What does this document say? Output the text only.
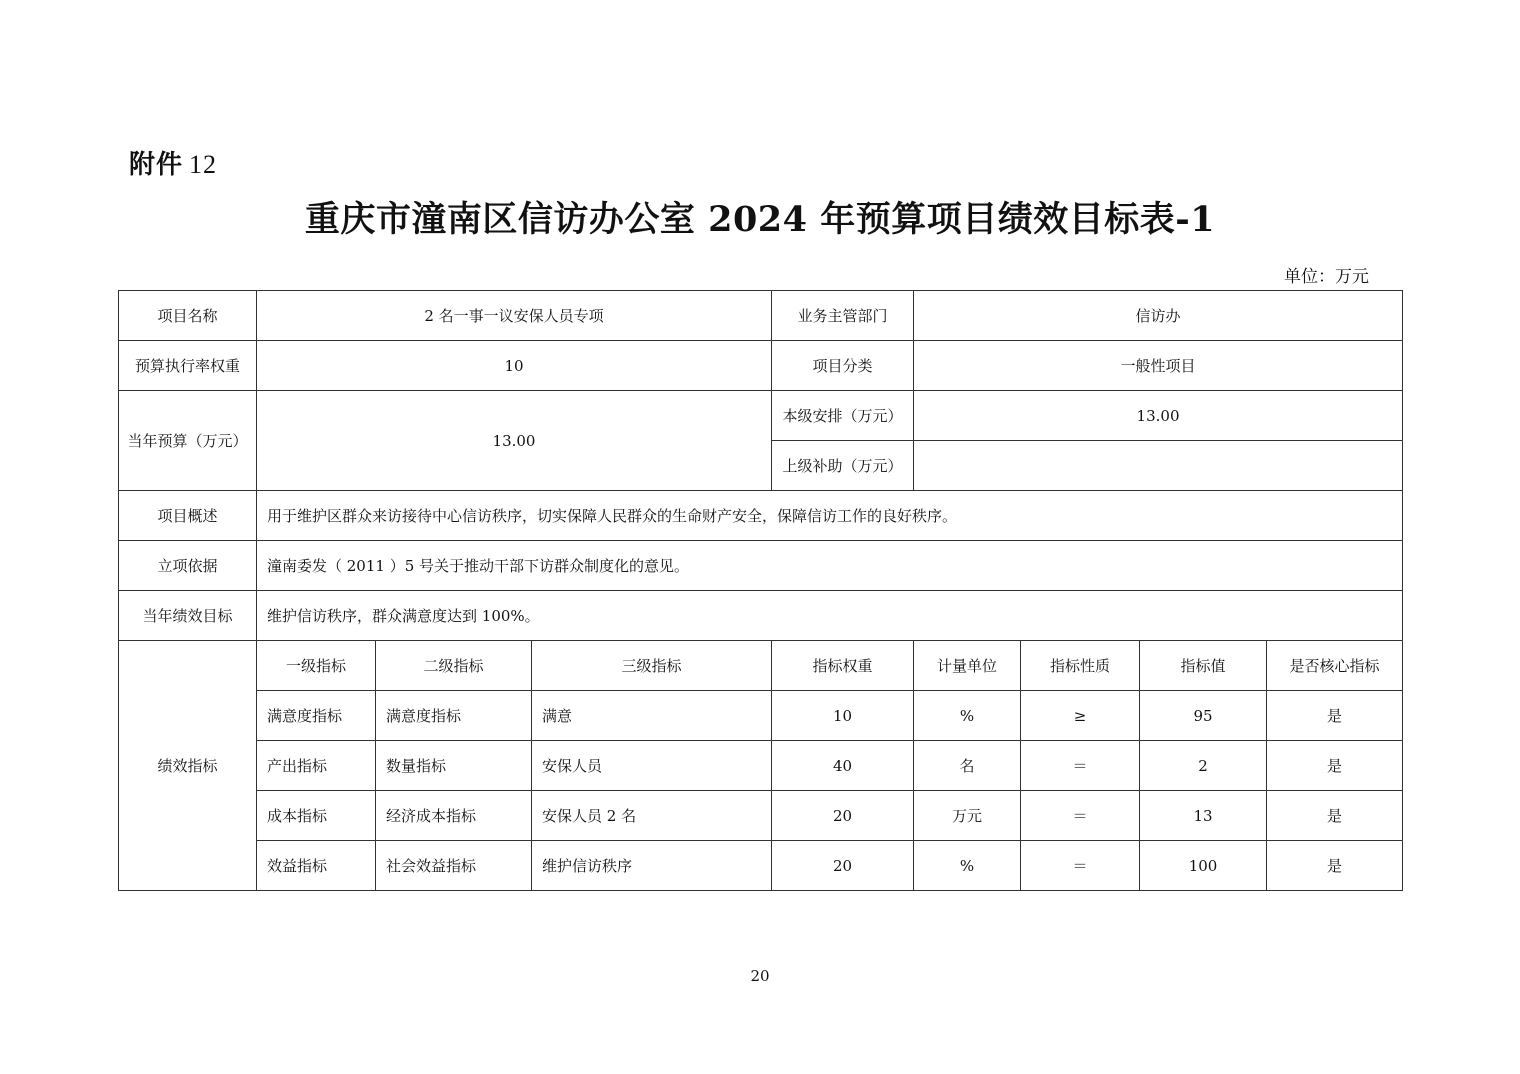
附件 12
重庆市潼南区信访办公室 2024 年预算项目绩效目标表-1
单位：万元
项目名称	2 名一事一议安保人员专项			业务主管部门	信访办			
预算执行率权重	10			项目分类	一般性项目			
当年预算（万元）	13.00			本级安排（万元）	13.00			
				上级补助（万元）				
项目概述	用于维护区群众来访接待中心信访秩序，切实保障人民群众的生命财产安全，保障信访工作的良好秩序。							
立项依据	潼南委发（ 2011 ）5 号关于推动干部下访群众制度化的意见。							
当年绩效目标	维护信访秩序，群众满意度达到 100%。							
绩效指标	一级指标	二级指标	三级指标	指标权重	计量单位	指标性质	指标值	是否核心指标
	满意度指标	满意度指标	满意	10	%	≥	95	是
	产出指标	数量指标	安保人员	40	名	＝	2	是
	成本指标	经济成本指标	安保人员 2 名	20	万元	＝	13	是
	效益指标	社会效益指标	维护信访秩序	20	%	＝	100	是
20
